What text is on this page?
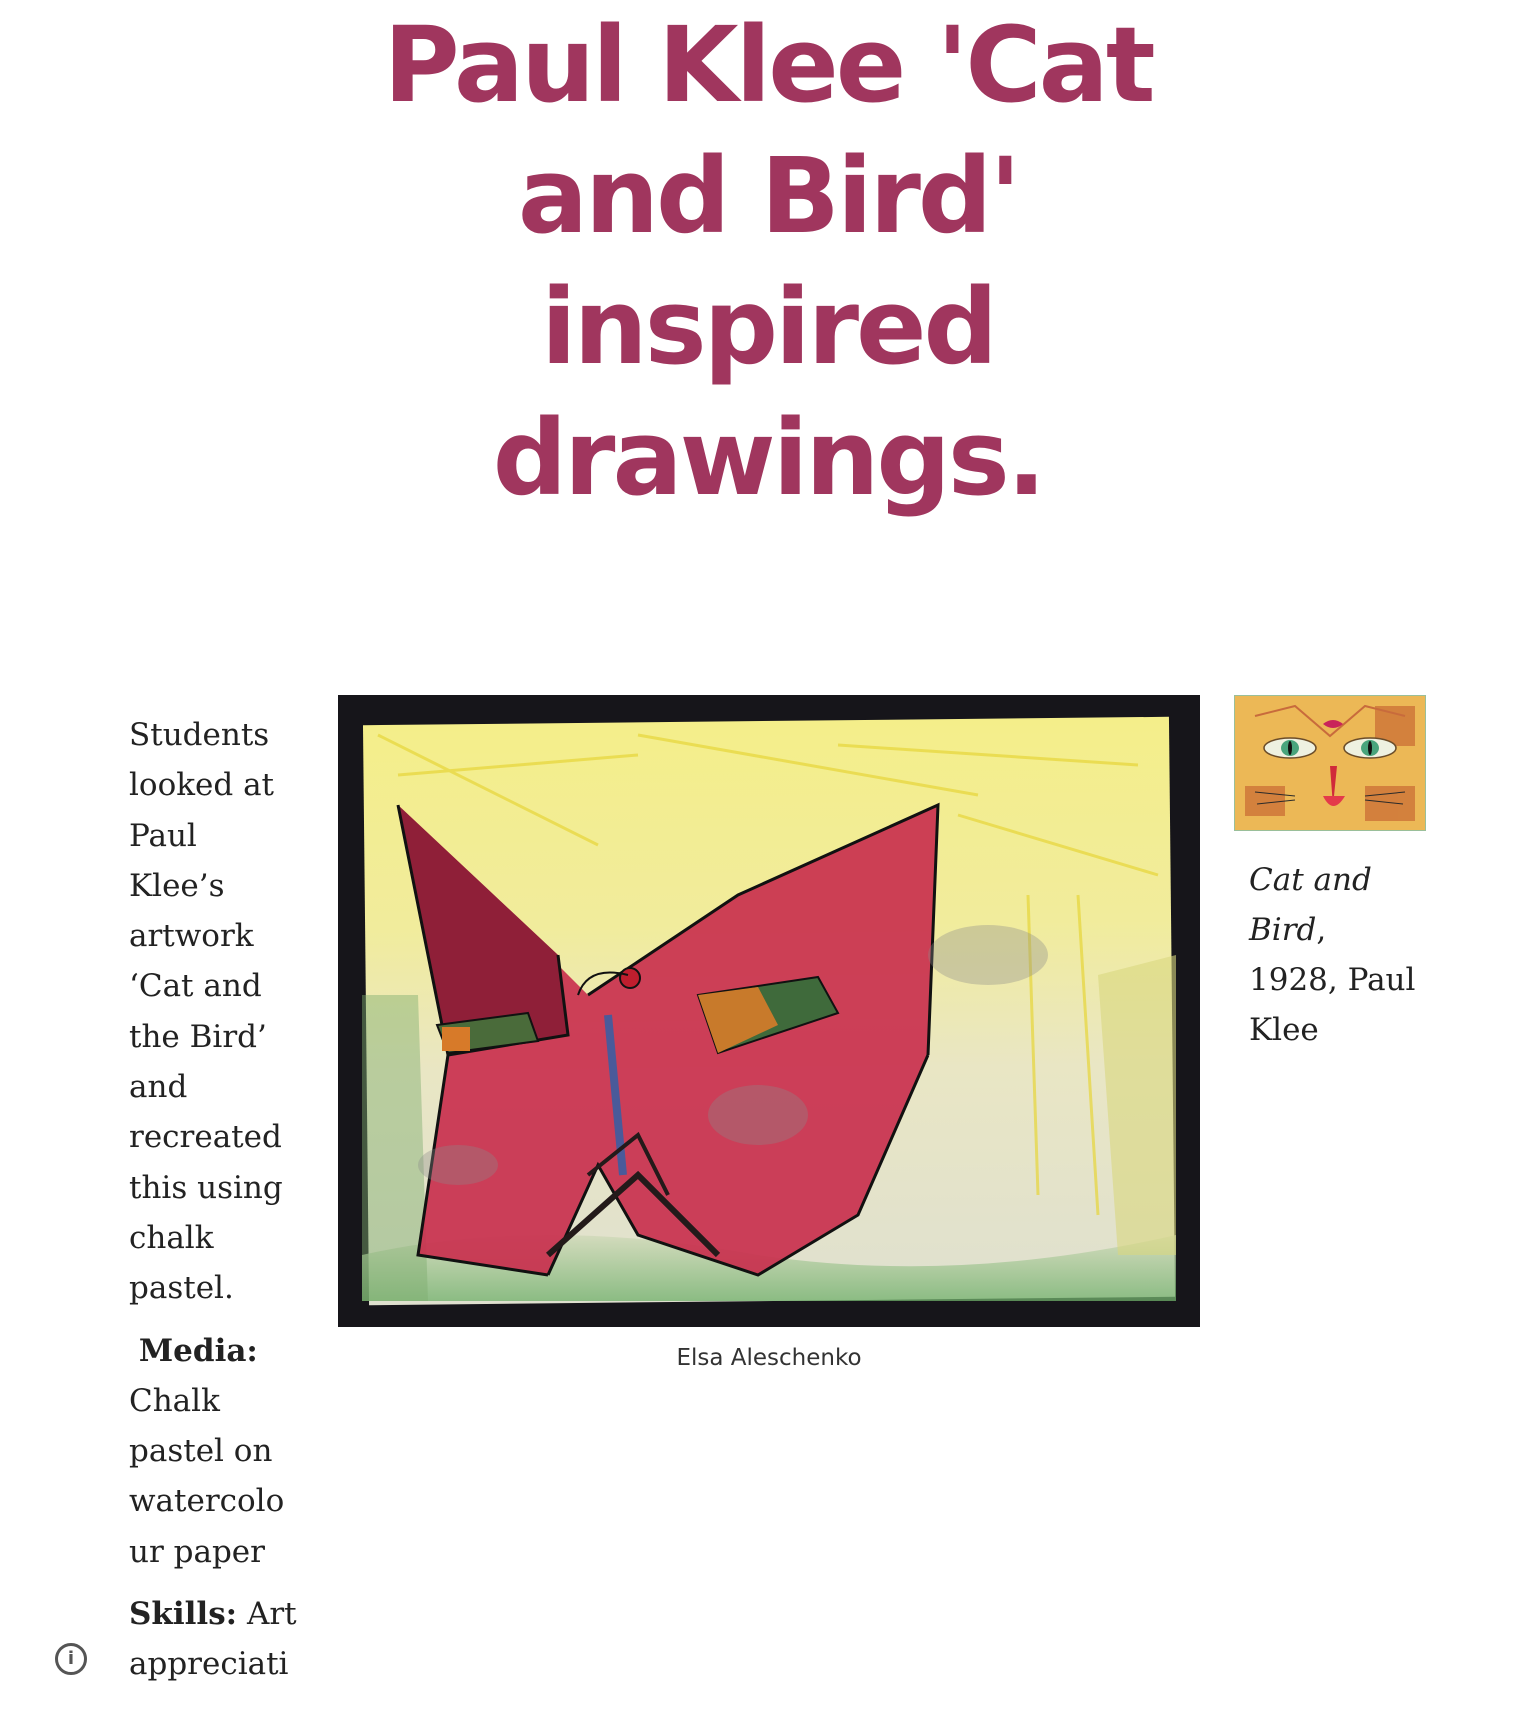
Paul Klee 'Cat
and Bird'
inspired
drawings.

Students
looked at
Paul
Klee’s
artwork
‘Cat and
the Bird’
and
recreated
this using
chalk
pastel.

Media:
Chalk
pastel on
watercolo
ur paper

Skills: Art
appreciati

Elsa Aleschenko
Cat and
Bird,
1928, Paul
Klee
i
